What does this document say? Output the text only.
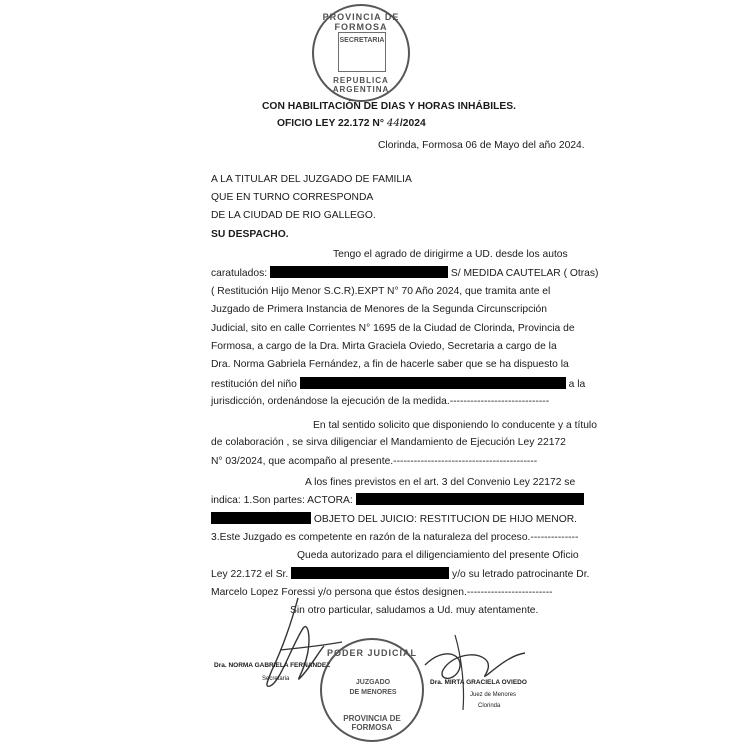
PROVINCIA DE FORMOSA
SECRETARIA
REPUBLICA ARGENTINA
CON HABILITACIÓN DE DIAS Y HORAS INHÁBILES.
OFICIO LEY 22.172 N° 44/2024
Clorinda, Formosa 06 de Mayo del año 2024.
A LA TITULAR DEL JUZGADO DE FAMILIA
QUE EN TURNO CORRESPONDA
DE LA CIUDAD DE RIO GALLEGO.
SU DESPACHO.
Tengo el agrado de dirigirme a UD. desde los autos
caratulados:	S/ MEDIDA CAUTELAR ( Otras)
( Restitución Hijo Menor S.C.R).EXPT N° 70 Año 2024, que tramita ante el
Juzgado de Primera Instancia de Menores de la Segunda Circunscripción
Judicial, sito en calle Corrientes N° 1695 de la Ciudad de Clorinda, Provincia de
Formosa, a cargo de la Dra. Mirta Graciela Oviedo, Secretaria a cargo de la
Dra. Norma Gabriela Fernández, a fin de hacerle saber que se ha dispuesto la
restitución del niño	a la
jurisdicción, ordenándose la ejecución de la medida.-----------------------------
En tal sentido solicito que disponiendo lo conducente y a título
de colaboración , se sirva diligenciar el Mandamiento de Ejecución Ley 22172
N° 03/2024, que acompaño al presente.------------------------------------------
A los fines previstos en el art. 3 del Convenio Ley 22172 se
indica: 1.Son partes: ACTORA:
OBJETO DEL JUICIO: RESTITUCION DE HIJO MENOR.
3.Este Juzgado es competente en razón de la naturaleza del proceso.--------------
Queda autorizado para el diligenciamiento del presente Oficio
Ley 22.172 el Sr.	y/o su letrado patrocinante Dr.
Marcelo Lopez Foressi y/o persona que éstos designen.-------------------------
Sin otro particular, saludamos a Ud. muy atentamente.
Dra. NORMA GABRIELA FERNANDEZ
Secretaria
PODER JUDICIAL
JUZGADO
DE MENORES
PROVINCIA DE FORMOSA
Dra. MIRTA GRACIELA OVIEDO
Juez de Menores
Clorinda
